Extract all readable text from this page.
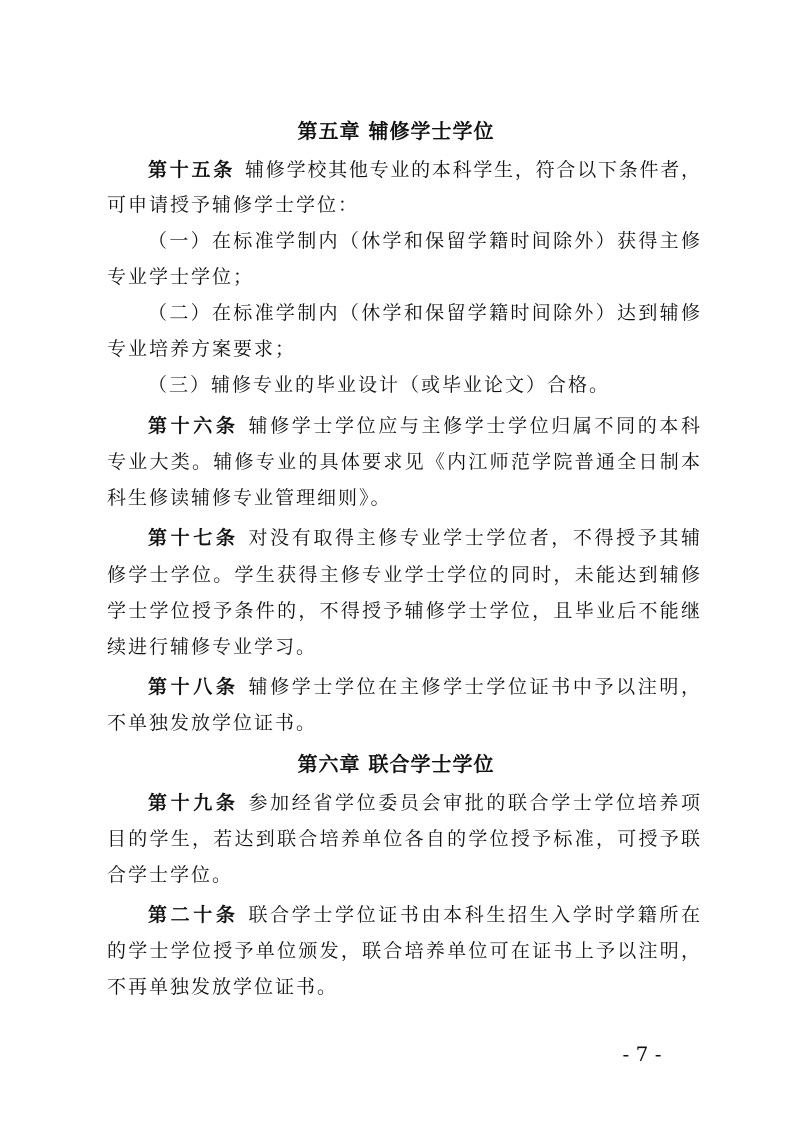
第五章 辅修学士学位
第十五条 辅修学校其他专业的本科学生，符合以下条件者，
可申请授予辅修学士学位：
（一）在标准学制内（休学和保留学籍时间除外）获得主修
专业学士学位；
（二）在标准学制内（休学和保留学籍时间除外）达到辅修
专业培养方案要求；
（三）辅修专业的毕业设计（或毕业论文）合格。
第十六条 辅修学士学位应与主修学士学位归属不同的本科
专业大类。辅修专业的具体要求见《内江师范学院普通全日制本
科生修读辅修专业管理细则》。
第十七条 对没有取得主修专业学士学位者，不得授予其辅
修学士学位。学生获得主修专业学士学位的同时，未能达到辅修
学士学位授予条件的，不得授予辅修学士学位，且毕业后不能继
续进行辅修专业学习。
第十八条 辅修学士学位在主修学士学位证书中予以注明，
不单独发放学位证书。
第六章 联合学士学位
第十九条 参加经省学位委员会审批的联合学士学位培养项
目的学生，若达到联合培养单位各自的学位授予标准，可授予联
合学士学位。
第二十条 联合学士学位证书由本科生招生入学时学籍所在
的学士学位授予单位颁发，联合培养单位可在证书上予以注明，
不再单独发放学位证书。
- 7 -
